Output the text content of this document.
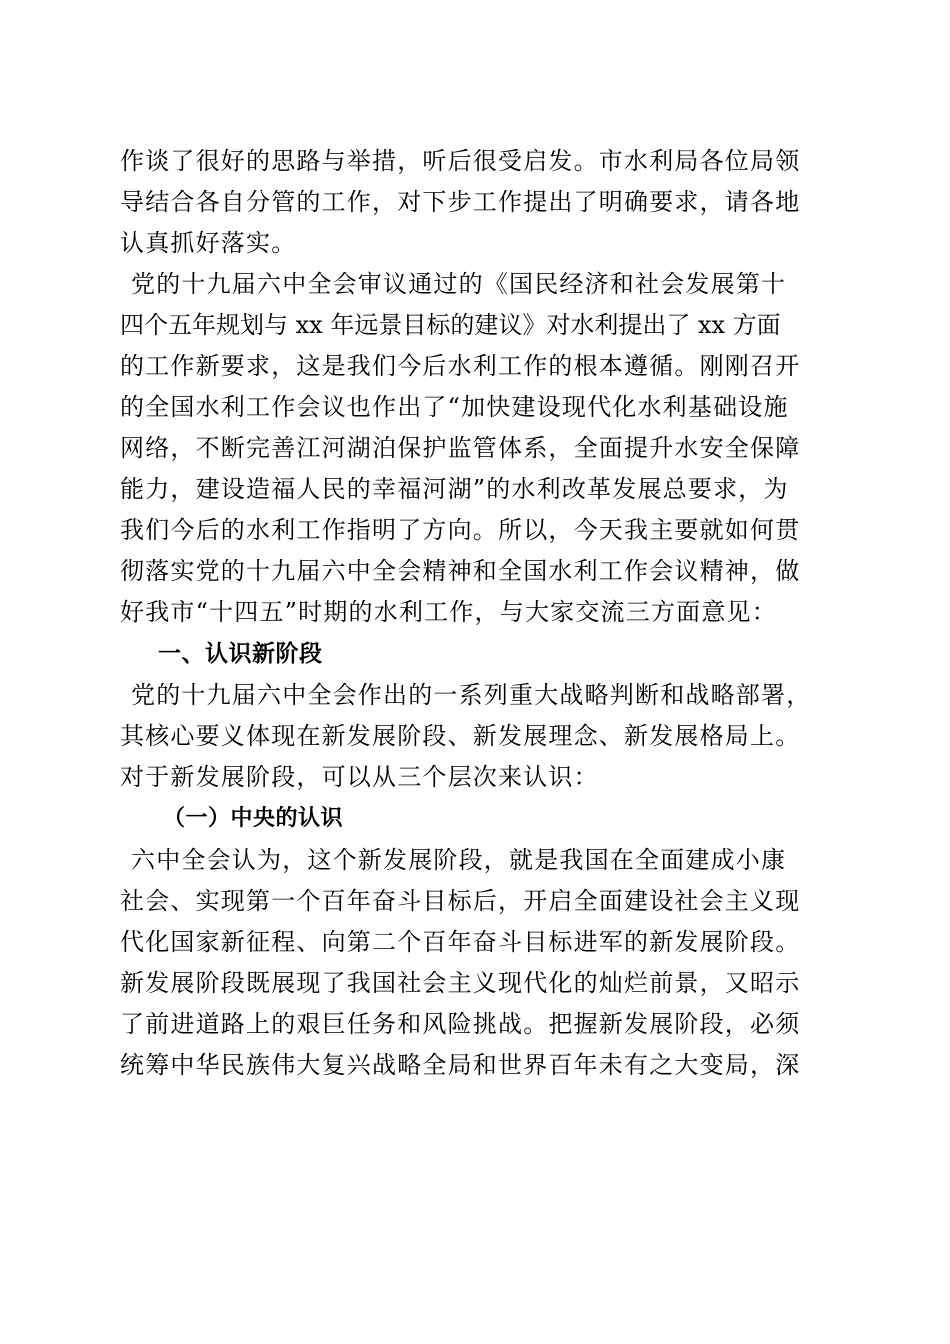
作谈了很好的思路与举措，听后很受启发。市水利局各位局领
导结合各自分管的工作，对下步工作提出了明确要求，请各地
认真抓好落实。
党的十九届六中全会审议通过的《国民经济和社会发展第十
四个五年规划与 xx 年远景目标的建议》对水利提出了 xx 方面
的工作新要求，这是我们今后水利工作的根本遵循。刚刚召开
的全国水利工作会议也作出了“加快建设现代化水利基础设施
网络，不断完善江河湖泊保护监管体系，全面提升水安全保障
能力，建设造福人民的幸福河湖”的水利改革发展总要求，为
我们今后的水利工作指明了方向。所以，今天我主要就如何贯
彻落实党的十九届六中全会精神和全国水利工作会议精神，做
好我市“十四五”时期的水利工作，与大家交流三方面意见：
一、认识新阶段
党的十九届六中全会作出的一系列重大战略判断和战略部署，
其核心要义体现在新发展阶段、新发展理念、新发展格局上。
对于新发展阶段，可以从三个层次来认识：
（一）中央的认识
六中全会认为，这个新发展阶段，就是我国在全面建成小康
社会、实现第一个百年奋斗目标后，开启全面建设社会主义现
代化国家新征程、向第二个百年奋斗目标进军的新发展阶段。
新发展阶段既展现了我国社会主义现代化的灿烂前景，又昭示
了前进道路上的艰巨任务和风险挑战。把握新发展阶段，必须
统筹中华民族伟大复兴战略全局和世界百年未有之大变局，深
